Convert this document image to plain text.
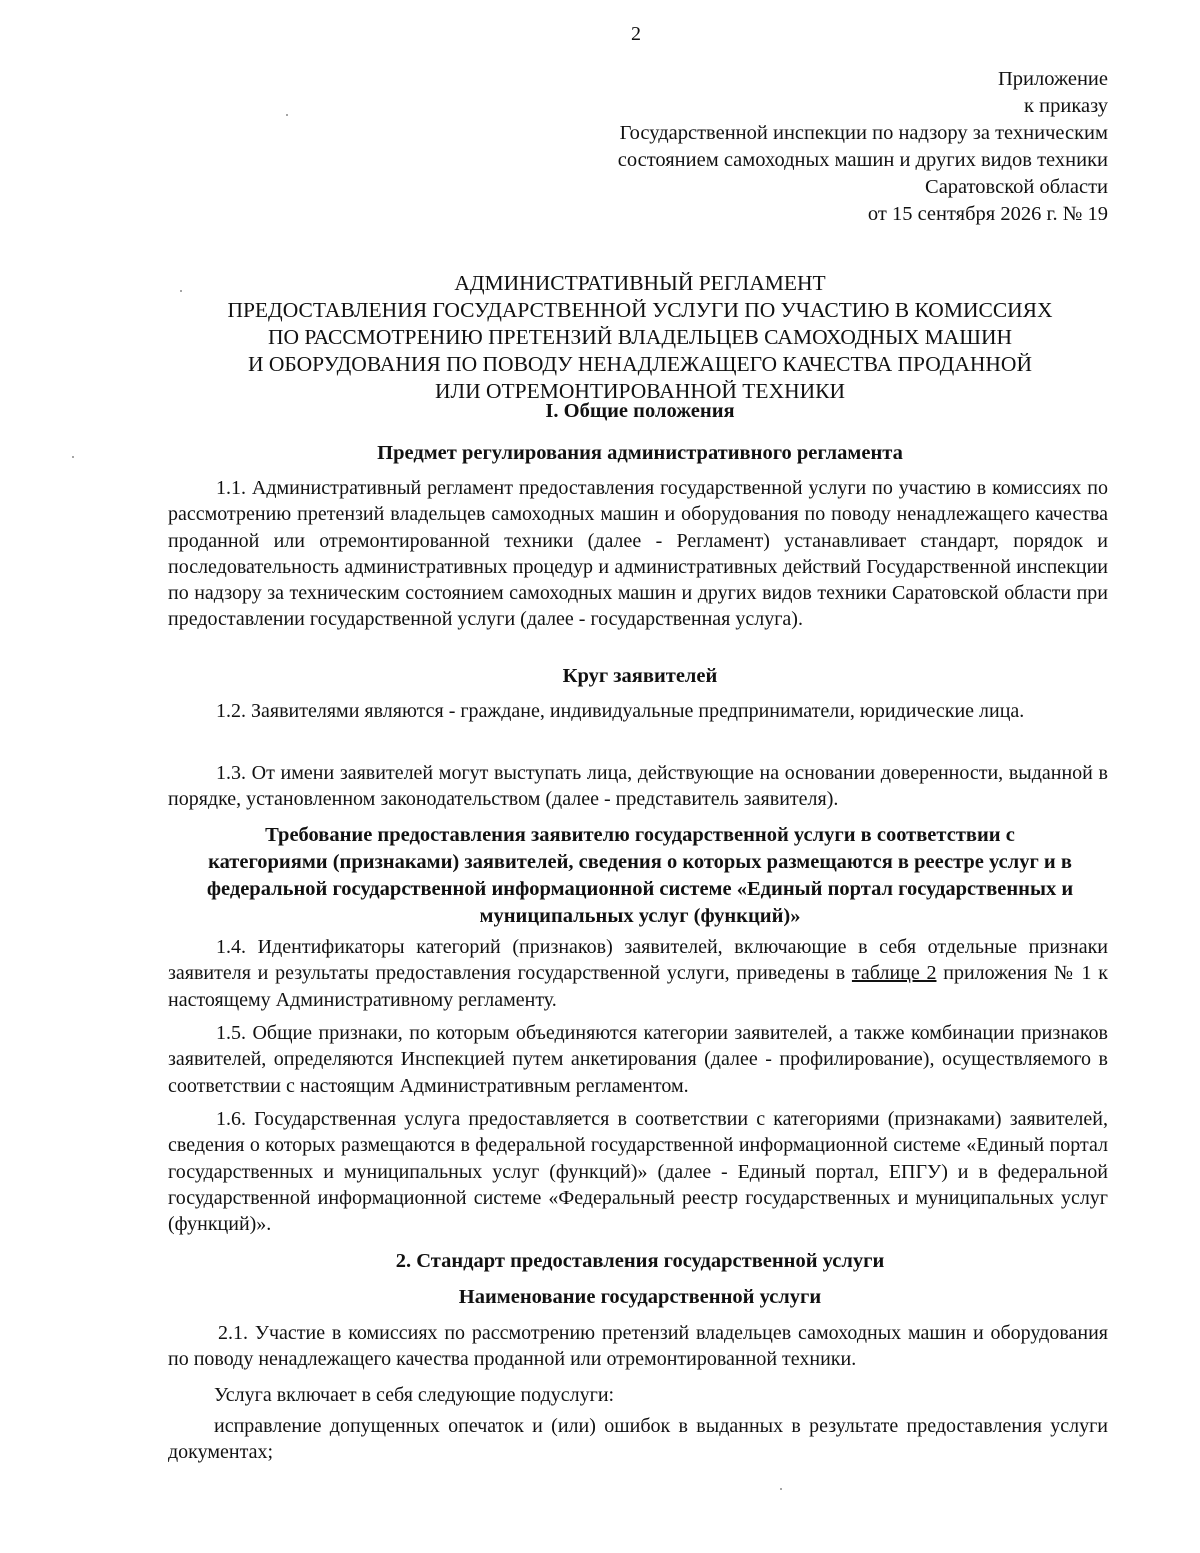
2
Приложение
к приказу
Государственной инспекции по надзору за техническим
состоянием самоходных машин и других видов техники
Саратовской области
от 15 сентября 2026 г. № 19
АДМИНИСТРАТИВНЫЙ РЕГЛАМЕНТ
ПРЕДОСТАВЛЕНИЯ ГОСУДАРСТВЕННОЙ УСЛУГИ ПО УЧАСТИЮ В КОМИССИЯХ
ПО РАССМОТРЕНИЮ ПРЕТЕНЗИЙ ВЛАДЕЛЬЦЕВ САМОХОДНЫХ МАШИН
И ОБОРУДОВАНИЯ ПО ПОВОДУ НЕНАДЛЕЖАЩЕГО КАЧЕСТВА ПРОДАННОЙ
ИЛИ ОТРЕМОНТИРОВАННОЙ ТЕХНИКИ
I. Общие положения
Предмет регулирования административного регламента
1.1. Административный регламент предоставления государственной услуги по участию в комиссиях по рассмотрению претензий владельцев самоходных машин и оборудования по поводу ненадлежащего качества проданной или отремонтированной техники (далее - Регламент) устанавливает стандарт, порядок и последовательность административных процедур и административных действий Государственной инспекции по надзору за техническим состоянием самоходных машин и других видов техники Саратовской области при предоставлении государственной услуги (далее - государственная услуга).
Круг заявителей
1.2. Заявителями являются - граждане, индивидуальные предприниматели, юридические лица.
1.3. От имени заявителей могут выступать лица, действующие на основании доверенности, выданной в порядке, установленном законодательством (далее - представитель заявителя).
Требование предоставления заявителю государственной услуги в соответствии с
категориями (признаками) заявителей, сведения о которых размещаются в реестре услуг и в
федеральной государственной информационной системе «Единый портал государственных и
муниципальных услуг (функций)»
1.4. Идентификаторы категорий (признаков) заявителей, включающие в себя отдельные признаки заявителя и результаты предоставления государственной услуги, приведены в таблице 2 приложения № 1 к настоящему Административному регламенту.
1.5. Общие признаки, по которым объединяются категории заявителей, а также комбинации признаков заявителей, определяются Инспекцией путем анкетирования (далее - профилирование), осуществляемого в соответствии с настоящим Административным регламентом.
1.6. Государственная услуга предоставляется в соответствии с категориями (признаками) заявителей, сведения о которых размещаются в федеральной государственной информационной системе «Единый портал государственных и муниципальных услуг (функций)» (далее - Единый портал, ЕПГУ) и в федеральной государственной информационной системе «Федеральный реестр государственных и муниципальных услуг (функций)».
2. Стандарт предоставления государственной услуги
Наименование государственной услуги
2.1. Участие в комиссиях по рассмотрению претензий владельцев самоходных машин и оборудования по поводу ненадлежащего качества проданной или отремонтированной техники.
Услуга включает в себя следующие подуслуги:
исправление допущенных опечаток и (или) ошибок в выданных в результате предоставления услуги документах;
